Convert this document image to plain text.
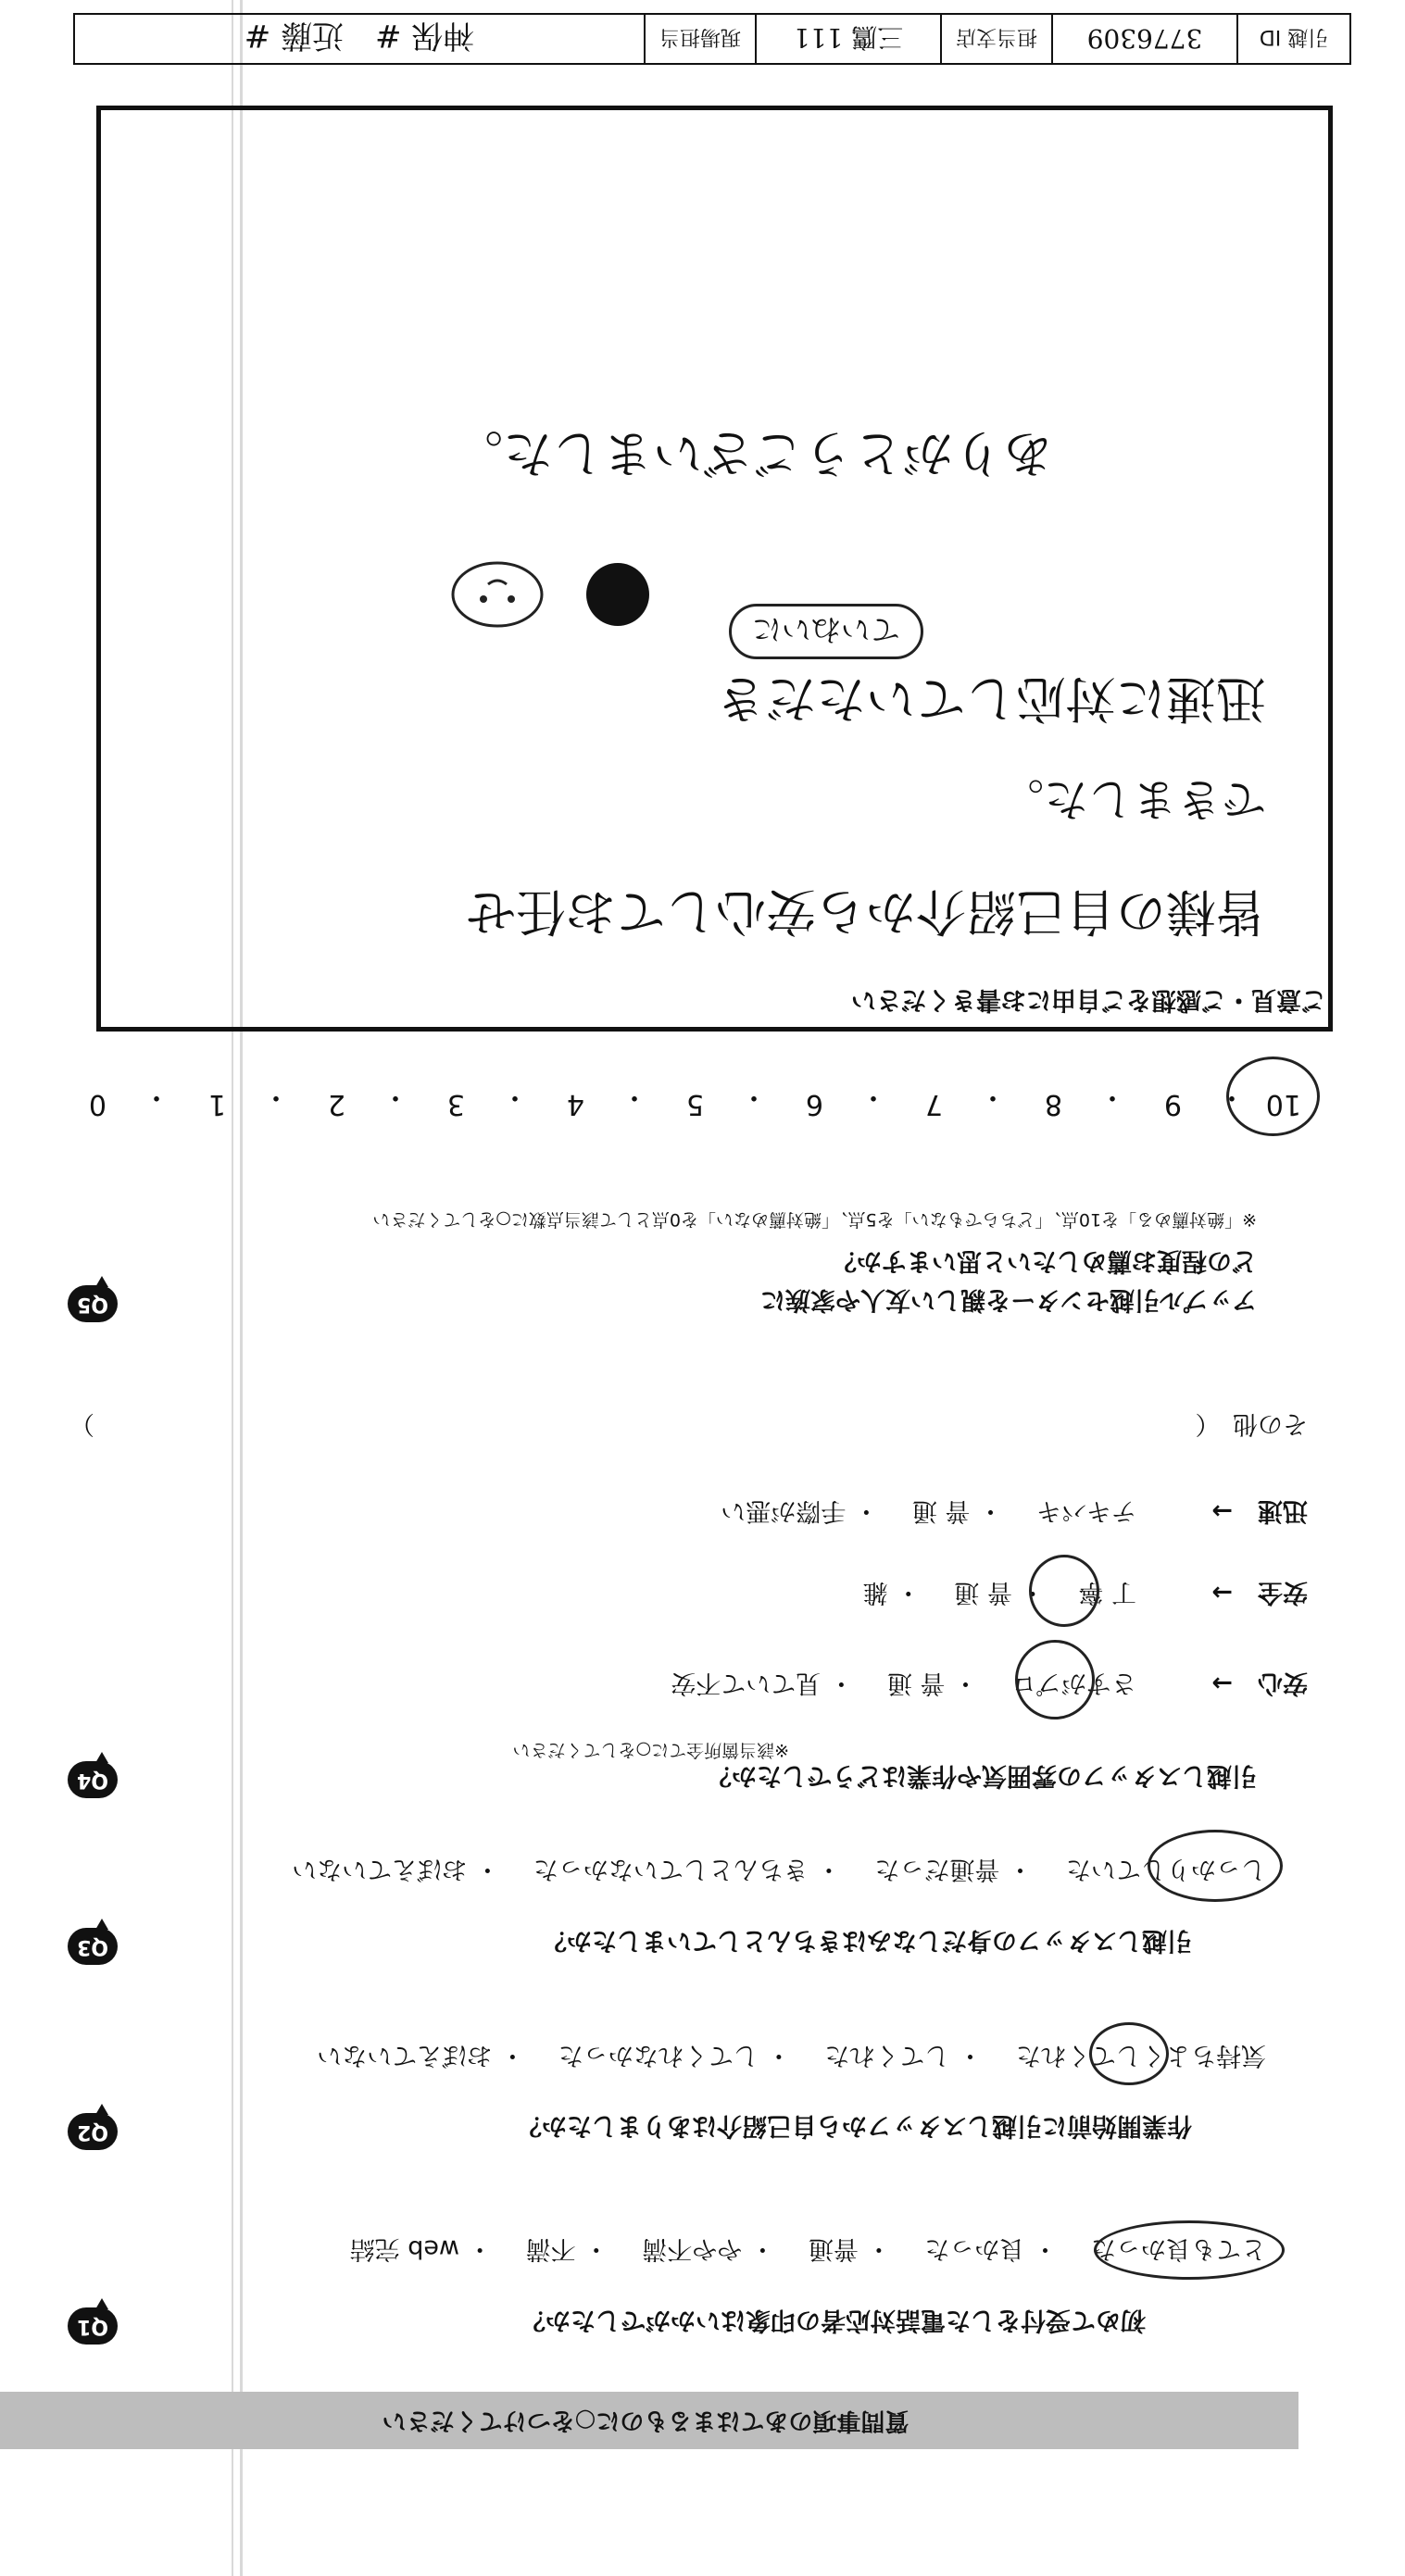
質問事項のあてはまるものに○をつけてください
Q1	初めて受付をした電話対応者の印象はいかがでしたか？
とても良かった・ 良かった・ 普通・ やや不満・ 不満・ web 完結
Q2	作業開始前に引越しスタッフから自己紹介はありましたか？
気持ちよくしてくれた・ してくれた・ してくれなかった・ おぼえていない
Q3	引越しスタッフの身だしなみはきちんとしていましたか？
しっかりしていた・ 普通だった・ きちんとしていなかった・ おぼえていない
Q4	引越しスタッフの雰囲気や作業はどうでしたか？
※該当箇所全てに○をしてください
安心　→
さすがプロ・ 普 通・ 見ていて不安
安全　→
丁 寧・ 普 通・ 雑
迅速　→
テキパキ・ 普 通・ 手際が悪い
その他　（
）
Q5	アップル引越センターを親しい友人や家族に
どの程度お薦めしたいと思いますか？
※「絶対薦める」を10点、「どちらでもない」を5点、「絶対薦めない」を0点として該当点数に○をしてください
10
・
9
・
8
・
7
・
6
・
5
・
4
・
3
・
2
・
1
・
0
ご意見・ご感想をご自由にお書きください
皆様の自己紹介から安心してお任せ
できました。
迅速に対応していただき
ていねいに
ありがとうございました。
引越 ID
3776309
担当支店
三鷹 111
現場担当
神保 #　近藤 #
